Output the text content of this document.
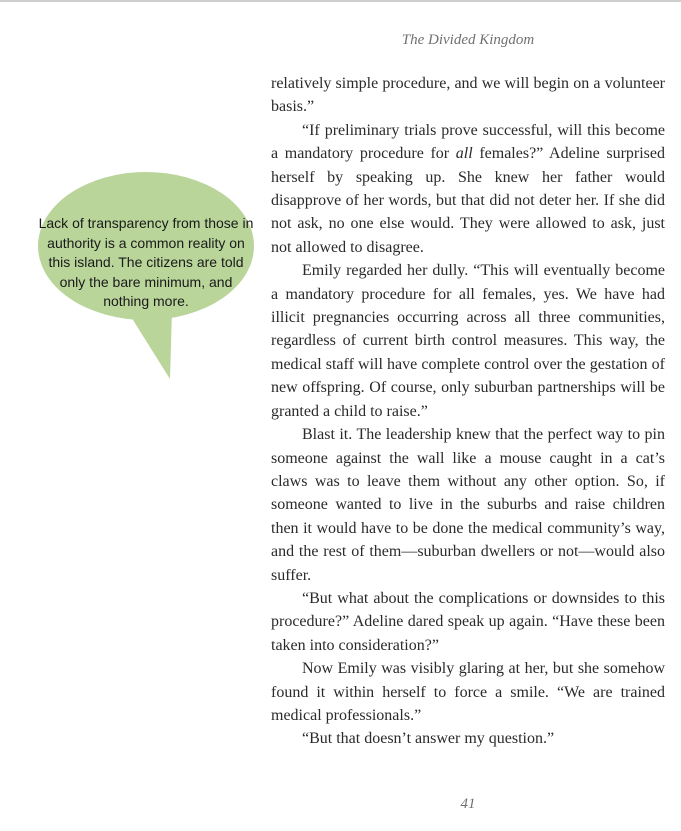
The Divided Kingdom
Lack of transparency from those in authority is a common reality on this island. The citizens are told only the bare minimum, and nothing more.

relatively simple procedure, and we will begin on a volunteer basis.”

“If preliminary trials prove successful, will this become a mandatory procedure for all females?” Adeline surprised herself by speaking up. She knew her father would disapprove of her words, but that did not deter her. If she did not ask, no one else would. They were allowed to ask, just not allowed to disagree.

Emily regarded her dully. “This will eventually become a mandatory procedure for all females, yes. We have had illicit pregnancies occurring across all three communities, regardless of current birth control measures. This way, the medical staff will have complete control over the gestation of new offspring. Of course, only suburban partnerships will be granted a child to raise.”

Blast it. The leadership knew that the perfect way to pin someone against the wall like a mouse caught in a cat’s claws was to leave them without any other option. So, if someone wanted to live in the suburbs and raise children then it would have to be done the medical community’s way, and the rest of them—suburban dwellers or not—would also suffer.

“But what about the complications or downsides to this procedure?” Adeline dared speak up again. “Have these been taken into consideration?”

Now Emily was visibly glaring at her, but she somehow found it within herself to force a smile. “We are trained medical professionals.”

“But that doesn’t answer my question.”

41
